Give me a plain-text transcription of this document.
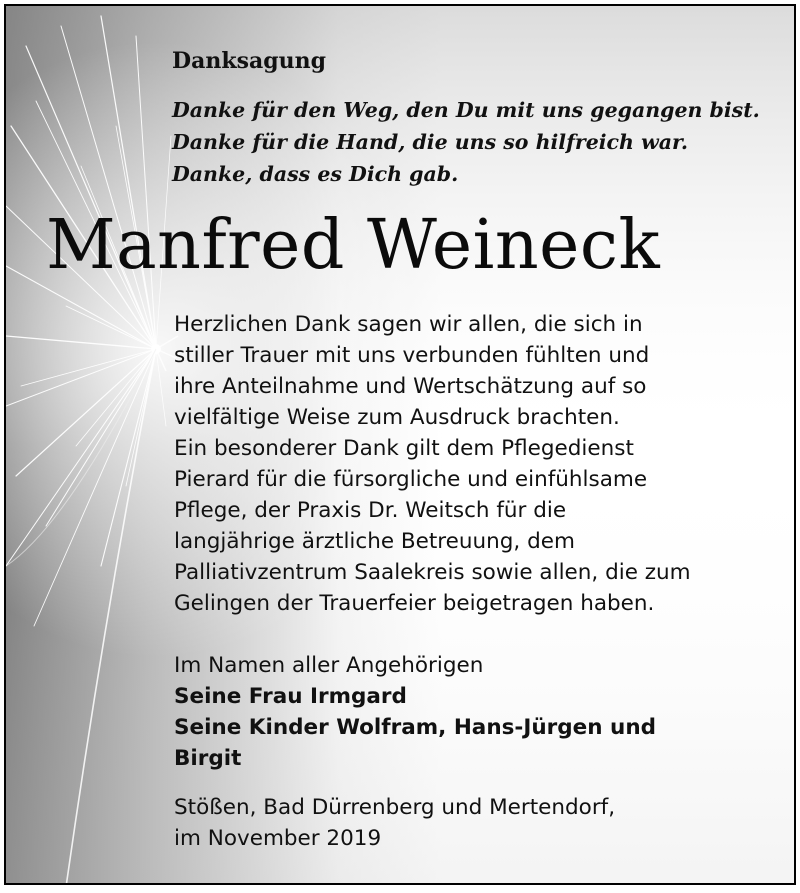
Danksagung
Danke für den Weg, den Du mit uns gegangen bist.
Danke für die Hand, die uns so hilfreich war.
Danke, dass es Dich gab.
Manfred Weineck
Herzlichen Dank sagen wir allen, die sich in
stiller Trauer mit uns verbunden fühlten und
ihre Anteilnahme und Wertschätzung auf so
vielfältige Weise zum Ausdruck brachten.
Ein besonderer Dank gilt dem Pflegedienst
Pierard für die fürsorgliche und einfühlsame
Pflege, der Praxis Dr. Weitsch für die
langjährige ärztliche Betreuung, dem
Palliativzentrum Saalekreis sowie allen, die zum
Gelingen der Trauerfeier beigetragen haben.
Im Namen aller Angehörigen
Seine Frau Irmgard
Seine Kinder Wolfram, Hans-Jürgen und
Birgit
Stößen, Bad Dürrenberg und Mertendorf,
im November 2019
